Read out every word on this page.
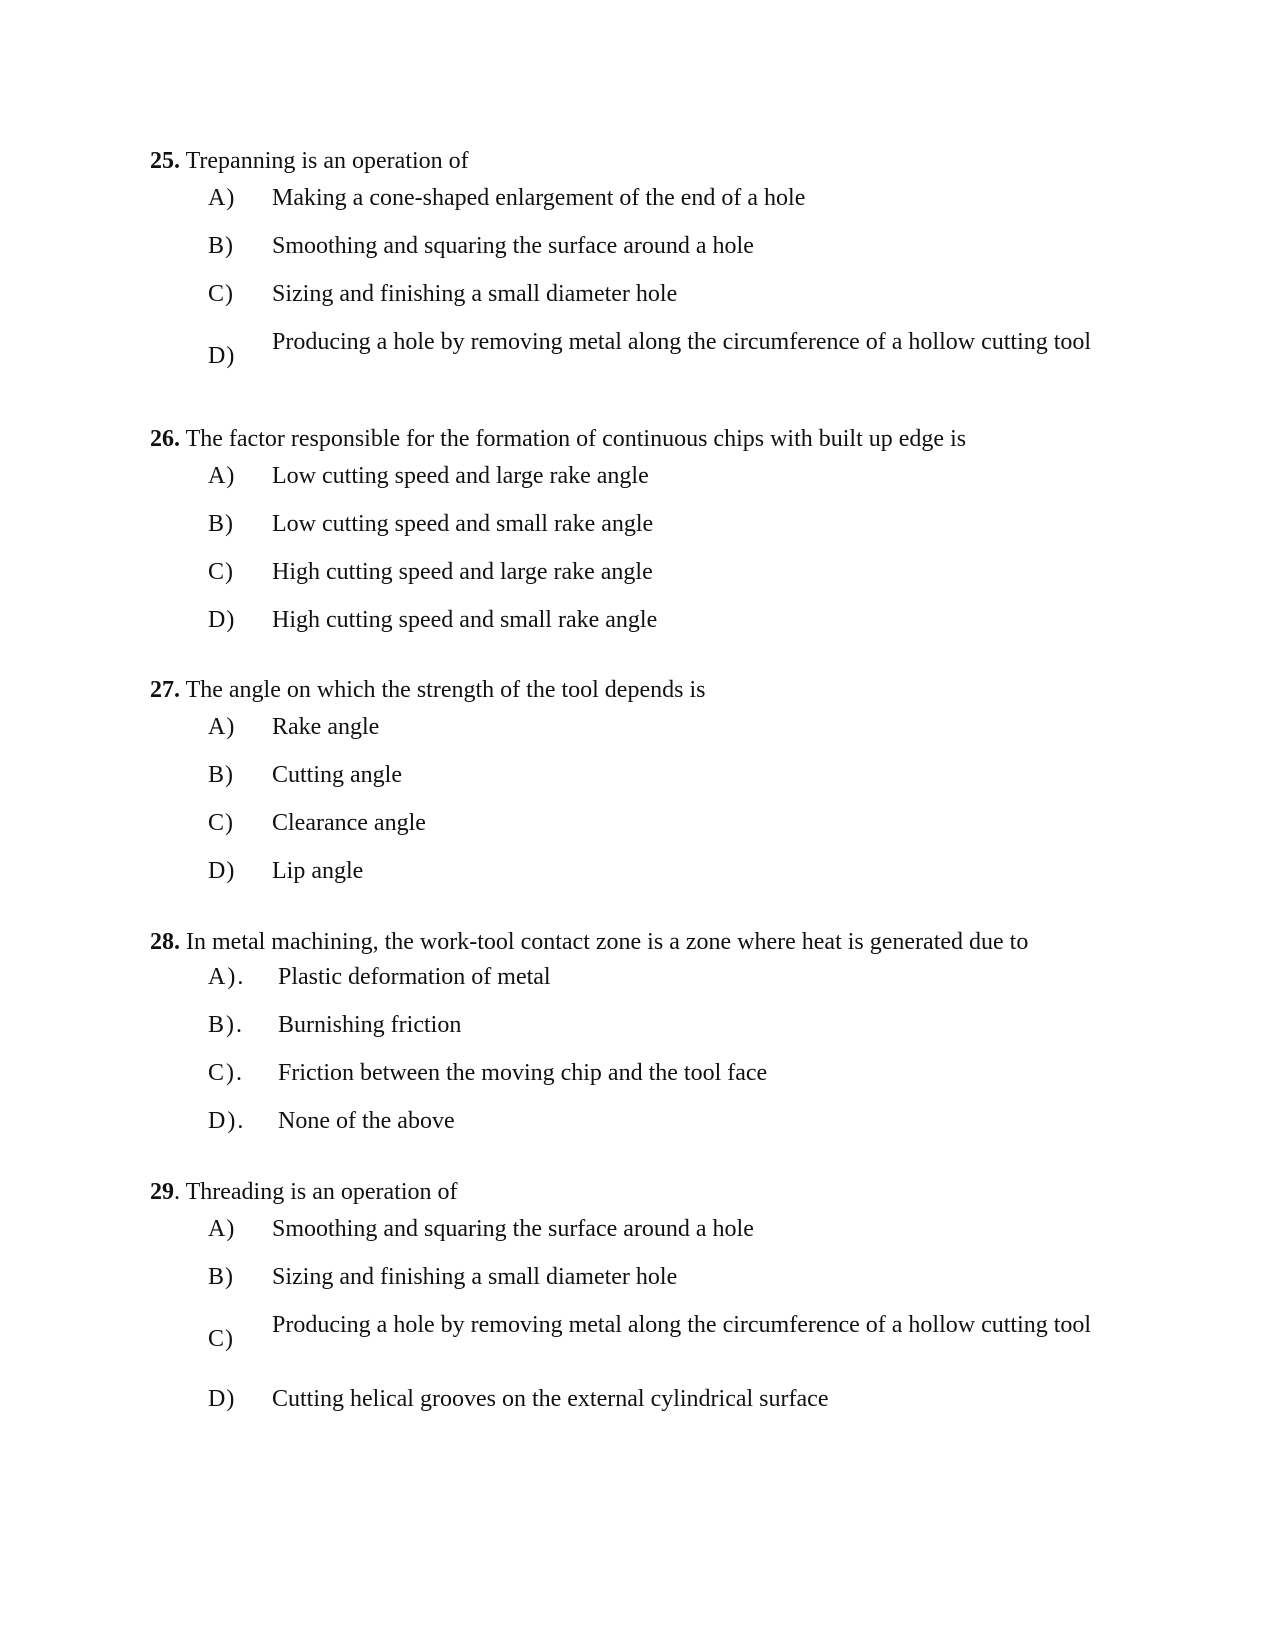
25. Trepanning is an operation of
A)	Making a cone-shaped enlargement of the end of a hole
B)	Smoothing and squaring the surface around a hole
C)	Sizing and finishing a small diameter hole
D)
Producing a hole by removing metal along the circumference of a hollow cutting tool
26. The factor responsible for the formation of continuous chips with built up edge is
A)	Low cutting speed and large rake angle
B)	Low cutting speed and small rake angle
C)	High cutting speed and large rake angle
D)	High cutting speed and small rake angle
27. The angle on which the strength of the tool depends is
A)	Rake angle
B)	Cutting angle
C)	Clearance angle
D)	Lip angle
28. In metal machining, the work-tool contact zone is a zone where heat is generated due to
A).	Plastic deformation of metal
B).	Burnishing friction
C).	Friction between the moving chip and the tool face
D).	None of the above
29. Threading is an operation of
A)	Smoothing and squaring the surface around a hole
B)	Sizing and finishing a small diameter hole
C)
Producing a hole by removing metal along the circumference of a hollow cutting tool
D)	Cutting helical grooves on the external cylindrical surface
